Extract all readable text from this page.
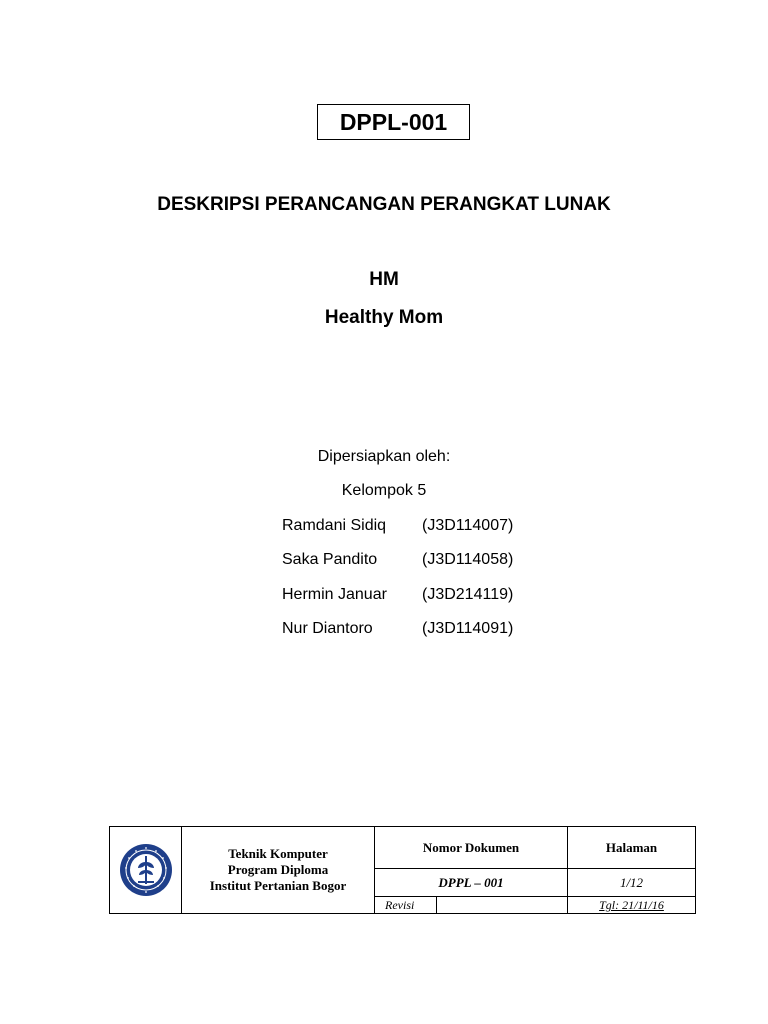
DPPL-001
DESKRIPSI PERANCANGAN PERANGKAT LUNAK
HM
Healthy Mom
Dipersiapkan oleh:
Kelompok 5
Ramdani Sidiq (J3D114007)
Saka Pandito	(J3D114058)
Hermin Januar (J3D214119)
Nur Diantoro	(J3D114091)
Teknik Komputer
Program Diploma
Institut Pertanian Bogor
Nomor Dokumen	Halaman
DPPL – 001	1/12
Revisi	Tgl: 21/11/16
